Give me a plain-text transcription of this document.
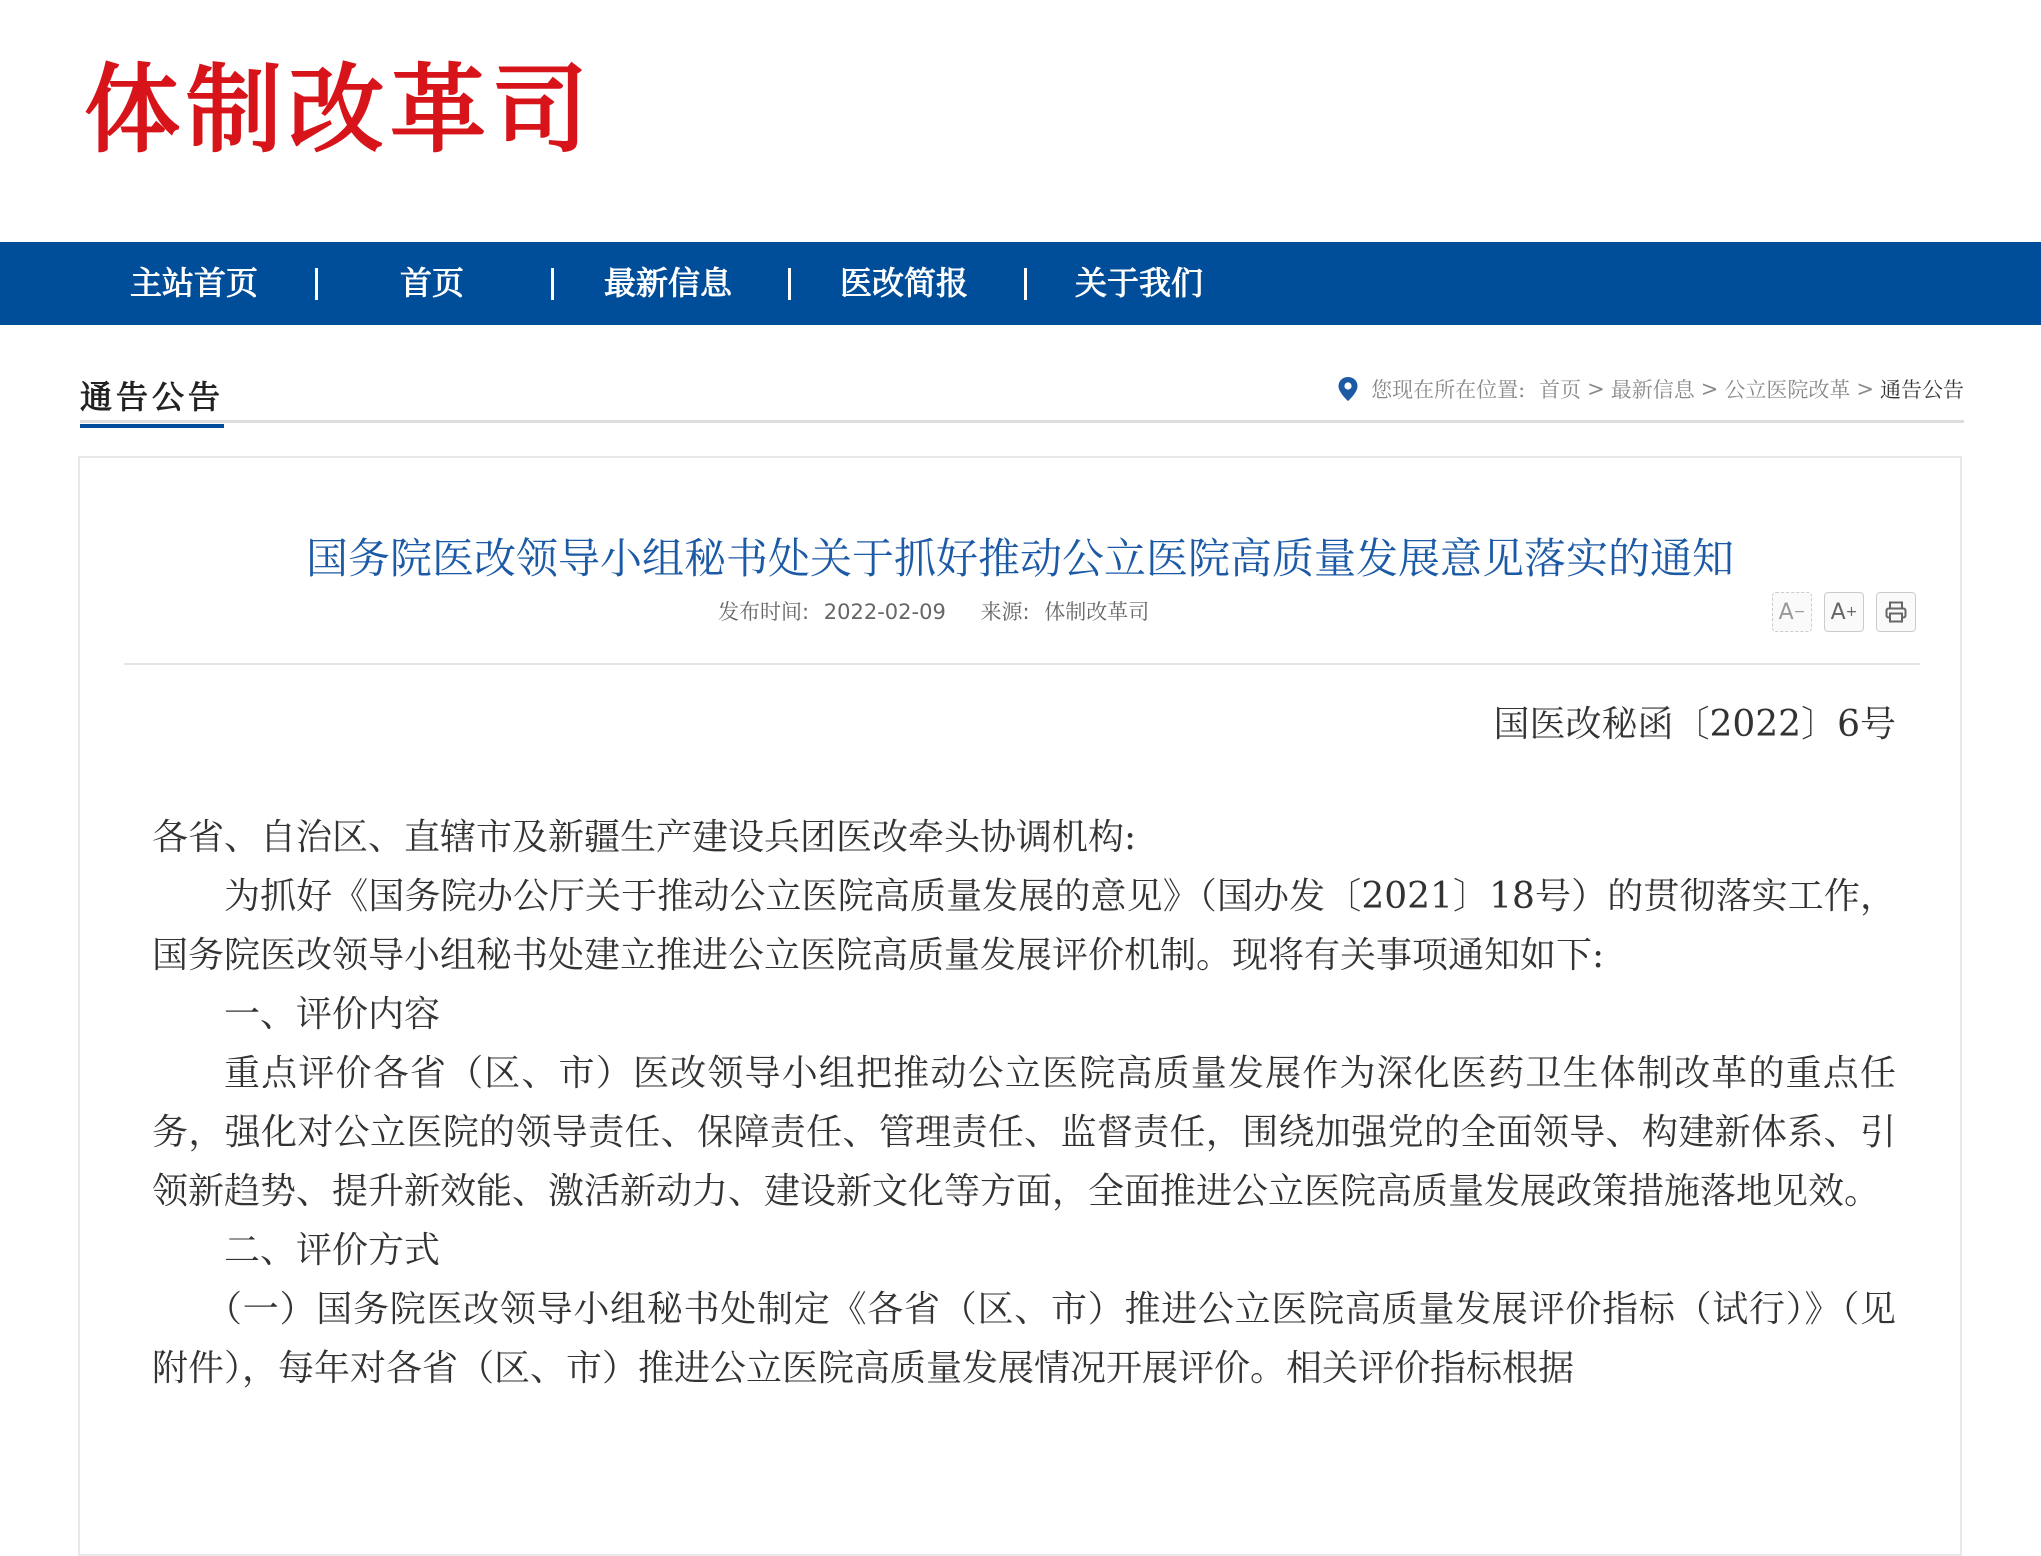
体制改革司
主站首页	首页	最新信息	医改简报	关于我们
通告公告	您现在所在位置: 首页 > 最新信息 > 公立医院改革 > 通告公告
国务院医改领导小组秘书处关于抓好推动公立医院高质量发展意见落实的通知
发布时间: 2022-02-09 来源: 体制改革司	A − A +
国医改秘函〔2022〕6号

各省、自治区、直辖市及新疆生产建设兵团医改牵头协调机构:

为抓好《国务院办公厅关于推动公立医院高质量发展的意见》（国办发〔2021〕18号）的贯彻落实工作，国务院医改领导小组秘书处建立推进公立医院高质量发展评价机制。现将有关事项通知如下:

一、评价内容

重点评价各省（区、市）医改领导小组把推动公立医院高质量发展作为深化医药卫生体制改革的重点任务，强化对公立医院的领导责任、保障责任、管理责任、监督责任，围绕加强党的全面领导、构建新体系、引领新趋势、提升新效能、激活新动力、建设新文化等方面，全面推进公立医院高质量发展政策措施落地见效。

二、评价方式

（一）国务院医改领导小组秘书处制定《各省（区、市）推进公立医院高质量发展评价指标（试行）》（见附件），每年对各省（区、市）推进公立医院高质量发展情况开展评价。相关评价指标根据
